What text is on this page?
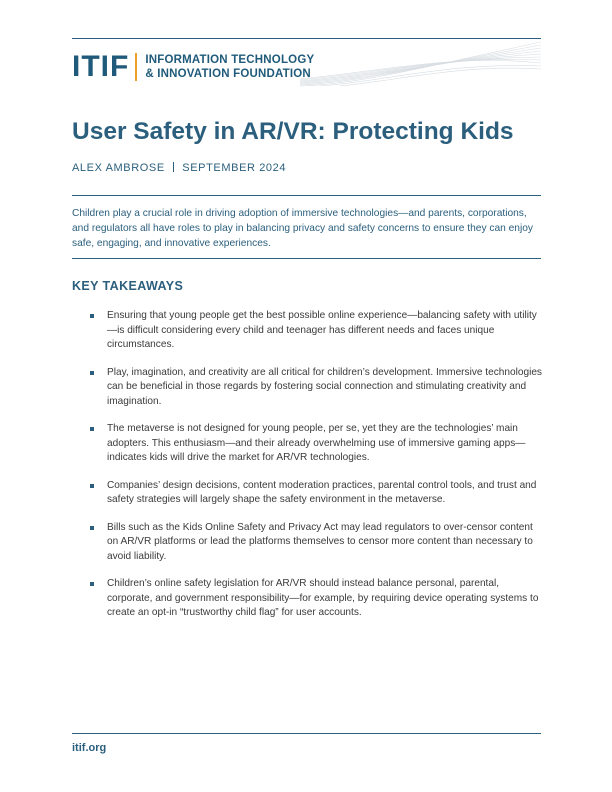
ITIF INFORMATION TECHNOLOGY
& INNOVATION FOUNDATION
User Safety in AR/VR: Protecting Kids
ALEX AMBROSE SEPTEMBER 2024

Children play a crucial role in driving adoption of immersive technologies—and parents, corporations, and regulators all have roles to play in balancing privacy and safety concerns to ensure they can enjoy safe, engaging, and innovative experiences.

KEY TAKEAWAYS
Ensuring that young people get the best possible online experience—balancing safety with utility—is difficult considering every child and teenager has different needs and faces unique circumstances.
Play, imagination, and creativity are all critical for children’s development. Immersive technologies can be beneficial in those regards by fostering social connection and stimulating creativity and imagination.
The metaverse is not designed for young people, per se, yet they are the technologies’ main adopters. This enthusiasm—and their already overwhelming use of immersive gaming apps—indicates kids will drive the market for AR/VR technologies.
Companies’ design decisions, content moderation practices, parental control tools, and trust and safety strategies will largely shape the safety environment in the metaverse.
Bills such as the Kids Online Safety and Privacy Act may lead regulators to over-censor content on AR/VR platforms or lead the platforms themselves to censor more content than necessary to avoid liability.
Children’s online safety legislation for AR/VR should instead balance personal, parental, corporate, and government responsibility—for example, by requiring device operating systems to create an opt-in “trustworthy child flag” for user accounts.
itif.org
